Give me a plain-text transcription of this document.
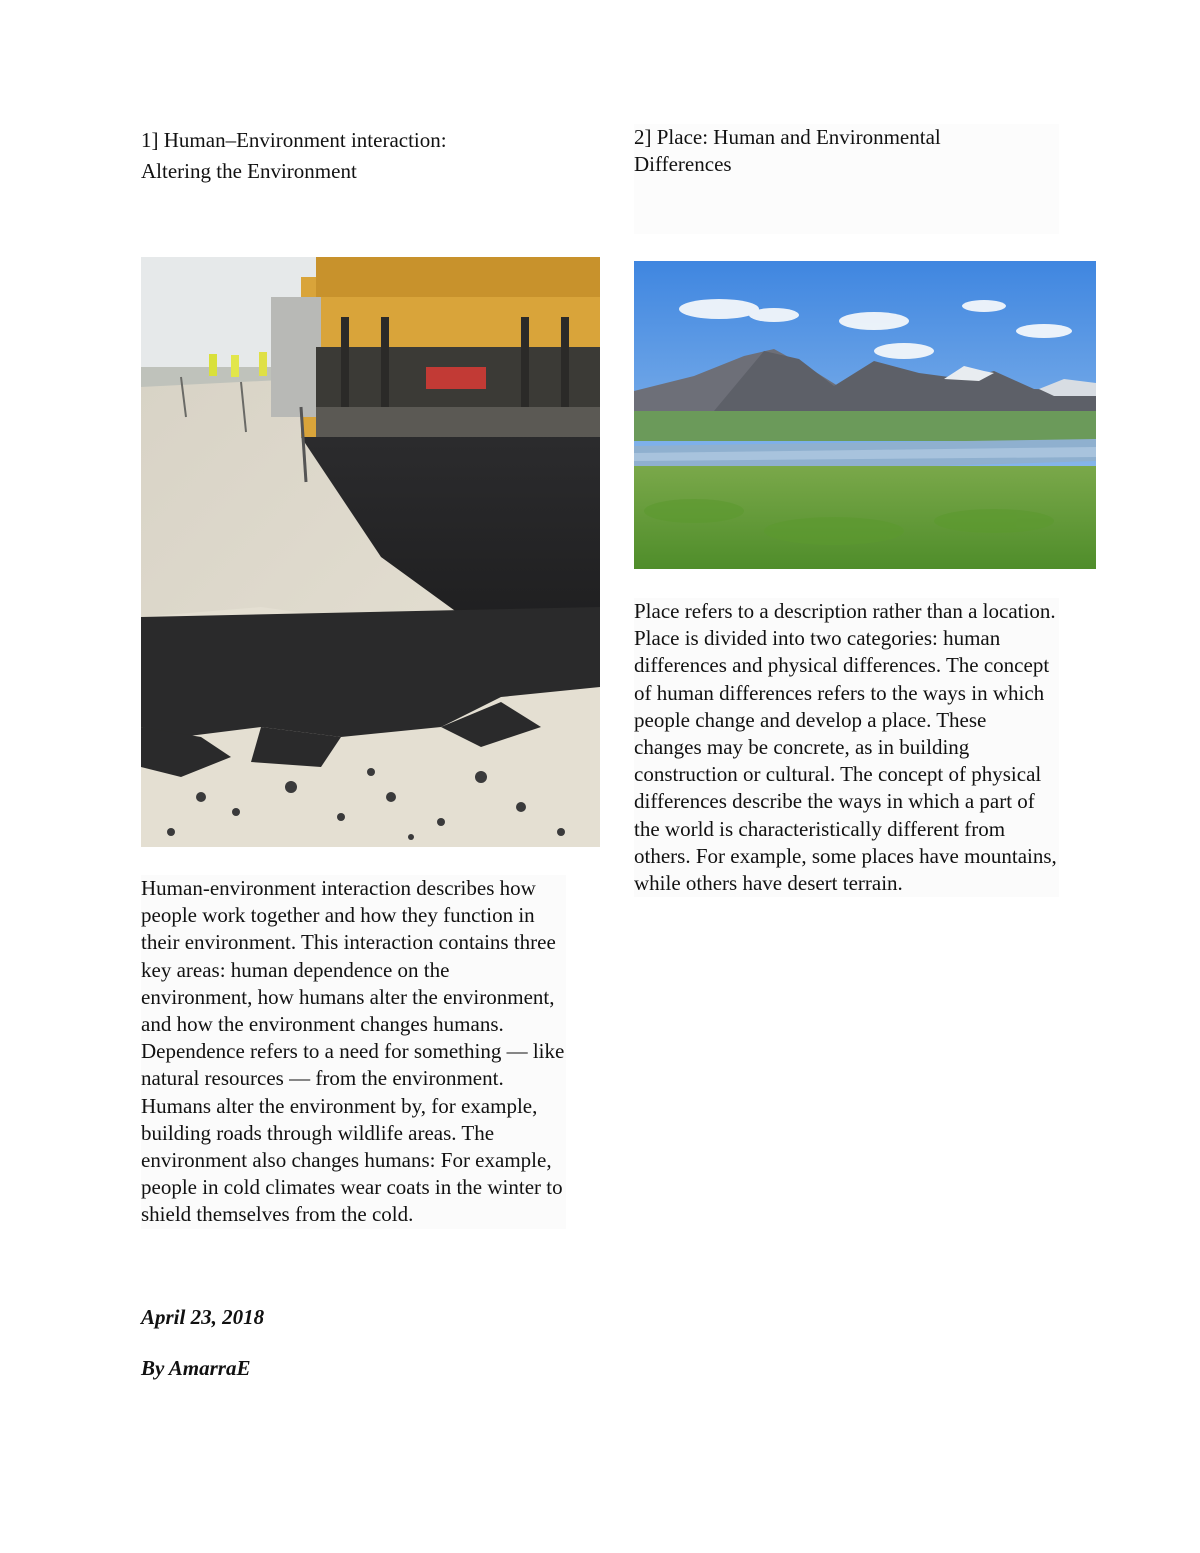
1] Human–Environment interaction:
Altering the Environment
Human-environment interaction describes how people work together and how they function in their environment. This interaction contains three key areas: human dependence on the environment, how humans alter the environment, and how the environment changes humans. Dependence refers to a need for something — like natural resources — from the environment. Humans alter the environment by, for example, building roads through wildlife areas. The environment also changes humans: For example, people in cold climates wear coats in the winter to shield themselves from the cold.
April 23, 2018
By AmarraE
2] Place: Human and Environmental
Differences
Place refers to a description rather than a location. Place is divided into two categories: human differences and physical differences. The concept of human differences refers to the ways in which people change and develop a place. These changes may be concrete, as in building construction or cultural. The concept of physical differences describe the ways in which a part of the world is characteristically different from others. For example, some places have mountains, while others have desert terrain.
